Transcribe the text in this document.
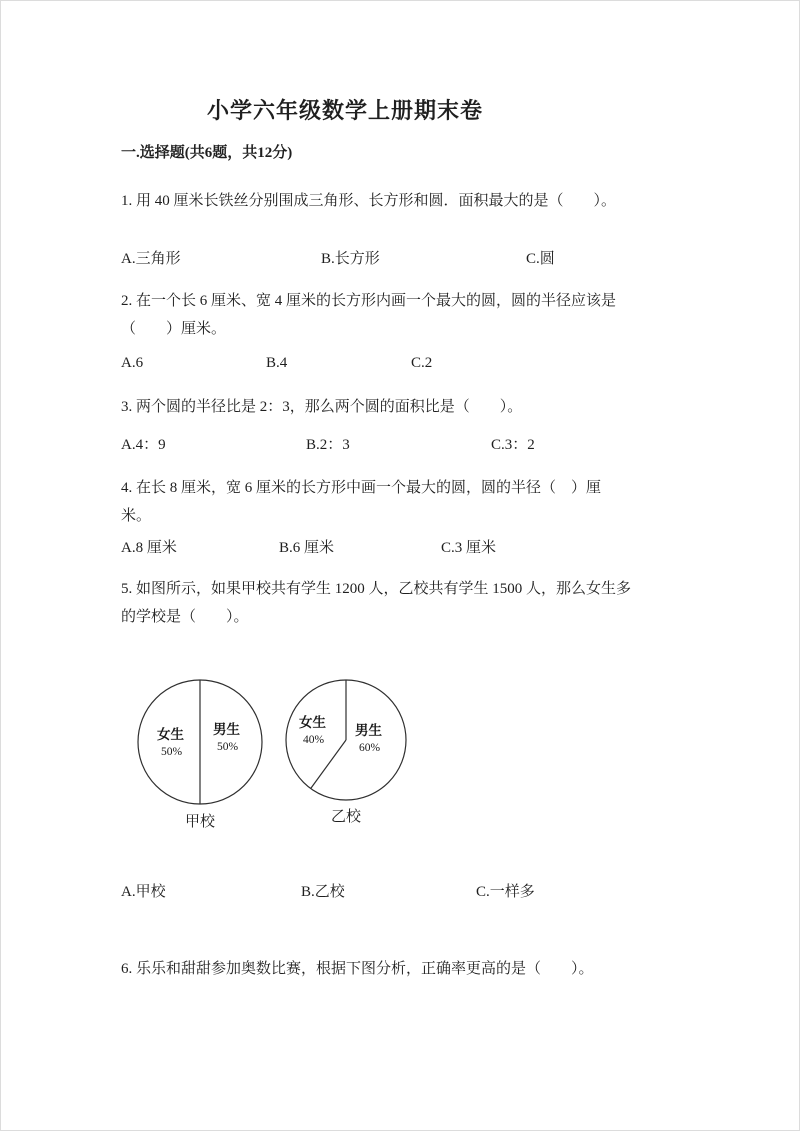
小学六年级数学上册期末卷
一.选择题(共6题，共12分)

1. 用 40 厘米长铁丝分别围成三角形、长方形和圆．面积最大的是（　　）。

A.三角形	B.长方形	C.圆

2. 在一个长 6 厘米、宽 4 厘米的长方形内画一个最大的圆，圆的半径应该是

（　　）厘米。

A.6	B.4	C.2

3. 两个圆的半径比是 2：3，那么两个圆的面积比是（　　）。

A.4：9	B.2：3	C.3：2

4. 在长 8 厘米，宽 6 厘米的长方形中画一个最大的圆，圆的半径（　）厘

米。

A.8 厘米	B.6 厘米	C.3 厘米

5. 如图所示，如果甲校共有学生 1200 人，乙校共有学生 1500 人，那么女生多

的学校是（　　）。

女生
50%
男生
50%
甲校
女生
40%
男生
60%
乙校
A.甲校	B.乙校	C.一样多

6. 乐乐和甜甜参加奥数比赛，根据下图分析，正确率更高的是（　　）。
